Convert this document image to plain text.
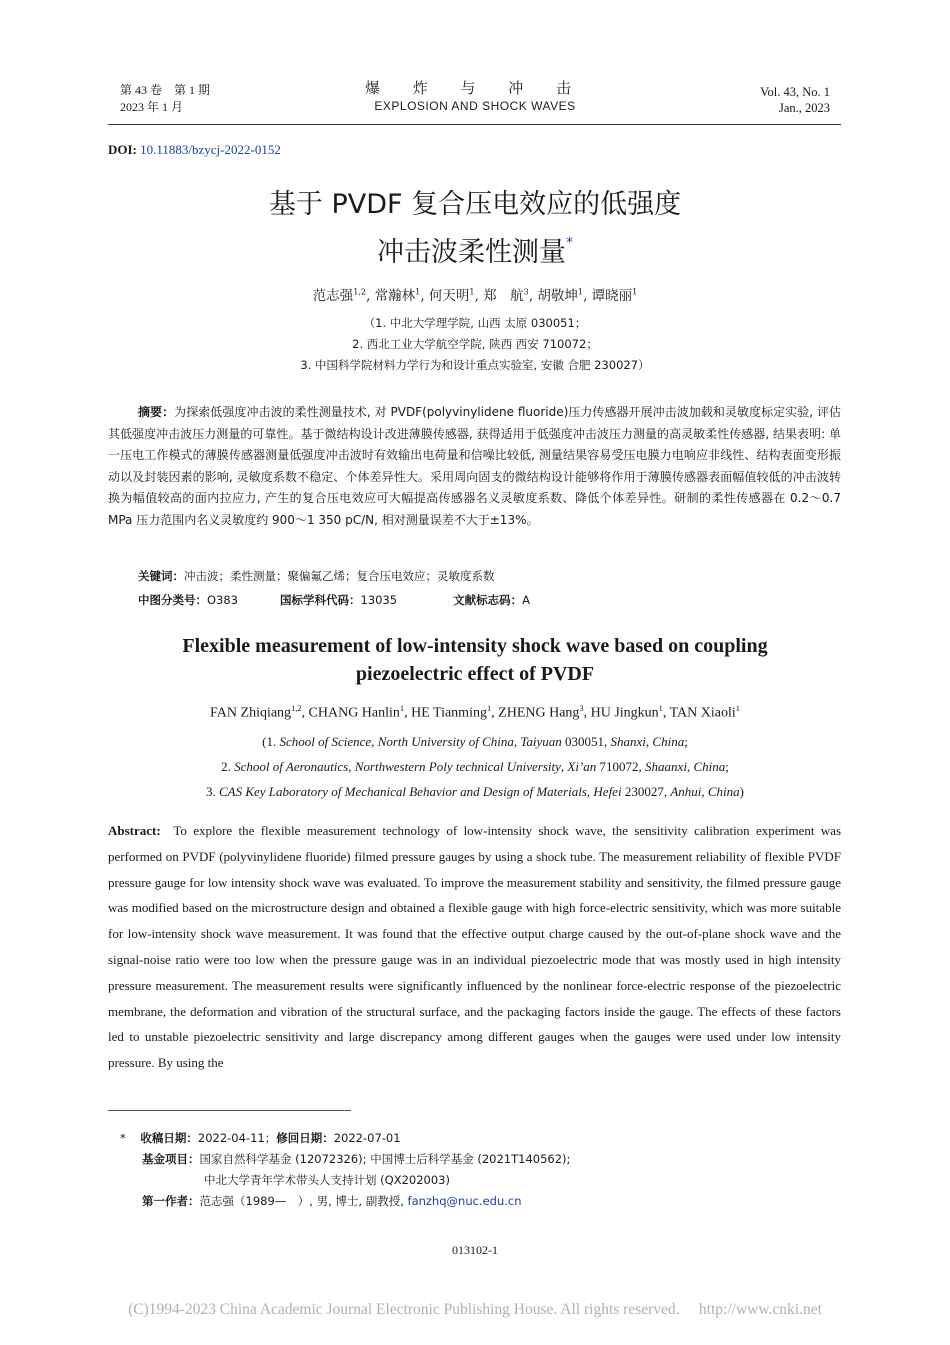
第 43 卷　第 1 期
2023 年 1 月
爆 炸 与 冲 击
EXPLOSION AND SHOCK WAVES
Vol. 43, No. 1
Jan., 2023
DOI: 10.11883/bzycj-2022-0152
基于 PVDF 复合压电效应的低强度
冲击波柔性测量*
范志强$^{1,2}$, 常瀚林$^1$, 何天明$^1$, 郑　航$^3$, 胡敬坤$^1$, 谭晓丽$^1$
（1. 中北大学理学院, 山西 太原 030051；
2. 西北工业大学航空学院, 陕西 西安 710072；
3. 中国科学院材料力学行为和设计重点实验室, 安徽 合肥 230027）
摘要：为探索低强度冲击波的柔性测量技术, 对 PVDF(polyvinylidene fluoride)压力传感器开展冲击波加载和灵敏度标定实验, 评估其低强度冲击波压力测量的可靠性。基于微结构设计改进薄膜传感器, 获得适用于低强度冲击波压力测量的高灵敏柔性传感器, 结果表明: 单一压电工作模式的薄膜传感器测量低强度冲击波时有效输出电荷量和信噪比较低, 测量结果容易受压电膜力电响应非线性、结构表面变形振动以及封装因素的影响, 灵敏度系数不稳定、个体差异性大。采用周向固支的微结构设计能够将作用于薄膜传感器表面幅值较低的冲击波转换为幅值较高的面内拉应力, 产生的复合压电效应可大幅提高传感器名义灵敏度系数、降低个体差异性。研制的柔性传感器在 0.2～0.7 MPa 压力范围内名义灵敏度约 900～1 350 pC/N, 相对测量误差不大于±13%。
关键词：冲击波；柔性测量；聚偏氟乙烯；复合压电效应；灵敏度系数
中图分类号：O383	国标学科代码：13035	文献标志码：A
Flexible measurement of low-intensity shock wave based on coupling
piezoelectric effect of PVDF
FAN Zhiqiang$^{1,2}$, CHANG Hanlin$^1$, HE Tianming$^1$, ZHENG Hang$^3$, HU Jingkun$^1$, TAN Xiaoli$^1$
(1. School of Science, North University of China, Taiyuan 030051, Shanxi, China;
2. School of Aeronautics, Northwestern Poly technical University, Xi’an 710072, Shaanxi, China;
3. CAS Key Laboratory of Mechanical Behavior and Design of Materials, Hefei 230027, Anhui, China)
Abstract: To explore the flexible measurement technology of low-intensity shock wave, the sensitivity calibration experiment was performed on PVDF (polyvinylidene fluoride) filmed pressure gauges by using a shock tube. The measurement reliability of flexible PVDF pressure gauge for low intensity shock wave was evaluated. To improve the measurement stability and sensitivity, the filmed pressure gauge was modified based on the microstructure design and obtained a flexible gauge with high force-electric sensitivity, which was more suitable for low-intensity shock wave measurement. It was found that the effective output charge caused by the out-of-plane shock wave and the signal-noise ratio were too low when the pressure gauge was in an individual piezoelectric mode that was mostly used in high intensity pressure measurement. The measurement results were significantly influenced by the nonlinear force-electric response of the piezoelectric membrane, the deformation and vibration of the structural surface, and the packaging factors inside the gauge. The effects of these factors led to unstable piezoelectric sensitivity and large discrepancy among different gauges when the gauges were used under low intensity pressure. By using the
* 收稿日期：2022-04-11；修回日期：2022-07-01
基金项目：国家自然科学基金 (12072326); 中国博士后科学基金 (2021T140562);
中北大学青年学术带头人支持计划 (QX202003)
第一作者：范志强（1989—　）, 男, 博士, 副教授, fanzhq@nuc.edu.cn
013102-1
(C)1994-2023 China Academic Journal Electronic Publishing House. All rights reserved.　 http://www.cnki.net
